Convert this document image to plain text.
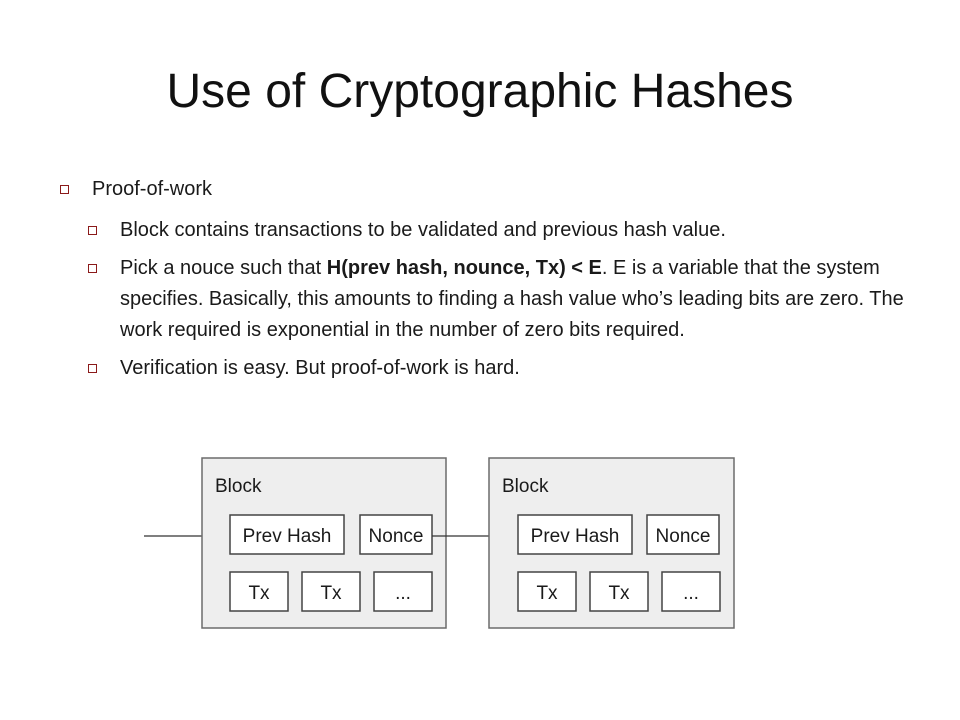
Use of Cryptographic Hashes
Proof-of-work
Block contains transactions to be validated and previous hash value.
Pick a nouce such that H(prev hash, nounce, Tx) < E. E is a variable that the system specifies. Basically, this amounts to finding a hash value who’s leading bits are zero. The work required is exponential in the number of zero bits required.
Verification is easy. But proof-of-work is hard.
Block
Prev Hash Nonce
Tx	Tx	...
Block
Prev Hash Nonce
Tx	Tx	...
